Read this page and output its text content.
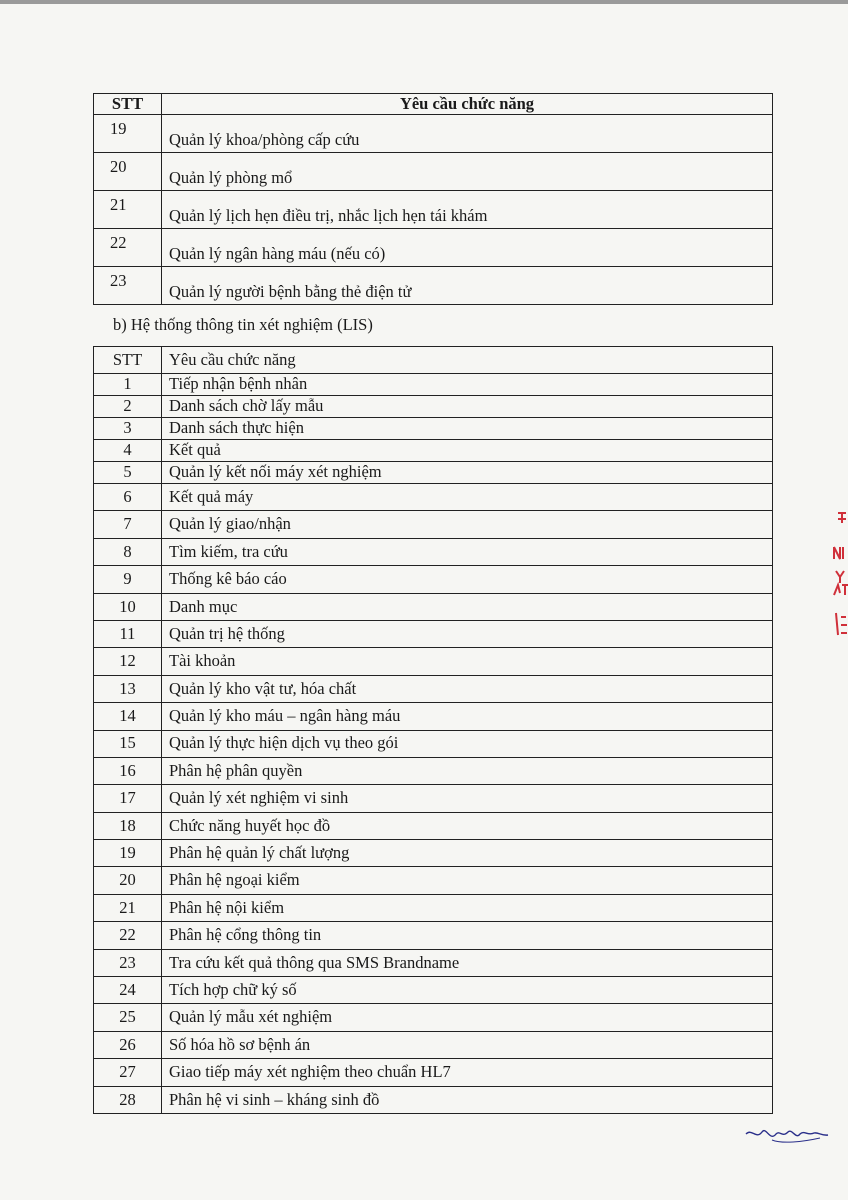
STT	Yêu cầu chức năng
19	Quản lý khoa/phòng cấp cứu
20	Quản lý phòng mổ
21	Quản lý lịch hẹn điều trị, nhắc lịch hẹn tái khám
22	Quản lý ngân hàng máu (nếu có)
23	Quản lý người bệnh bằng thẻ điện tử
b) Hệ thống thông tin xét nghiệm (LIS)
STT	Yêu cầu chức năng
1	Tiếp nhận bệnh nhân
2	Danh sách chờ lấy mẫu
3	Danh sách thực hiện
4	Kết quả
5	Quản lý kết nối máy xét nghiệm
6	Kết quả máy
7	Quản lý giao/nhận
8	Tìm kiếm, tra cứu
9	Thống kê báo cáo
10	Danh mục
11	Quản trị hệ thống
12	Tài khoản
13	Quản lý kho vật tư, hóa chất
14	Quản lý kho máu – ngân hàng máu
15	Quản lý thực hiện dịch vụ theo gói
16	Phân hệ phân quyền
17	Quản lý xét nghiệm vi sinh
18	Chức năng huyết học đồ
19	Phân hệ quản lý chất lượng
20	Phân hệ ngoại kiểm
21	Phân hệ nội kiểm
22	Phân hệ cổng thông tin
23	Tra cứu kết quả thông qua SMS Brandname
24	Tích hợp chữ ký số
25	Quản lý mẫu xét nghiệm
26	Số hóa hồ sơ bệnh án
27	Giao tiếp máy xét nghiệm theo chuẩn HL7
28	Phân hệ vi sinh – kháng sinh đồ
